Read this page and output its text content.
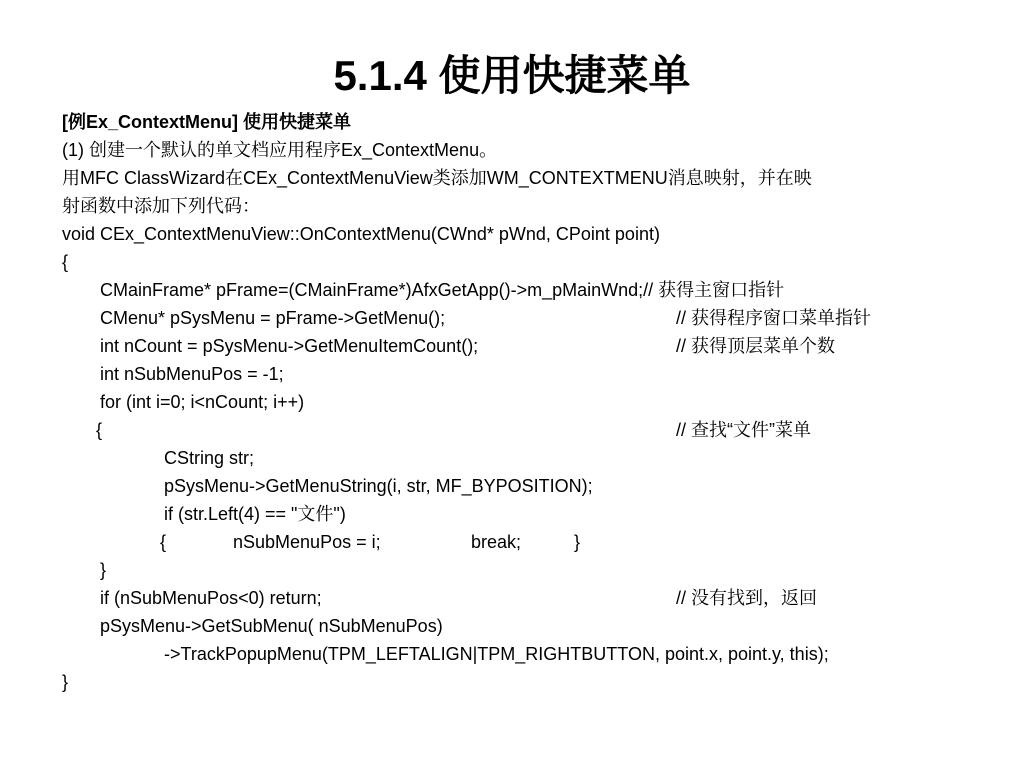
5.1.4 使用快捷菜单
[例Ex_ContextMenu] 使用快捷菜单
(1) 创建一个默认的单文档应用程序Ex_ContextMenu。
用MFC ClassWizard在CEx_ContextMenuView类添加WM_CONTEXTMENU消息映射，并在映
射函数中添加下列代码：
void CEx_ContextMenuView::OnContextMenu(CWnd* pWnd, CPoint point)
{
CMainFrame* pFrame=(CMainFrame*)AfxGetApp()->m_pMainWnd;// 获得主窗口指针
CMenu* pSysMenu = pFrame->GetMenu();	// 获得程序窗口菜单指针
int nCount = pSysMenu->GetMenuItemCount();	// 获得顶层菜单个数
int nSubMenuPos = -1;
for (int i=0; i<nCount; i++)
{	// 查找“文件”菜单
CString str;
pSysMenu->GetMenuString(i, str, MF_BYPOSITION);
if (str.Left(4) == "文件")
{	nSubMenuPos = i;	break;	}
}
if (nSubMenuPos<0) return;	// 没有找到，返回
pSysMenu->GetSubMenu( nSubMenuPos)
->TrackPopupMenu(TPM_LEFTALIGN|TPM_RIGHTBUTTON, point.x, point.y, this);
}
